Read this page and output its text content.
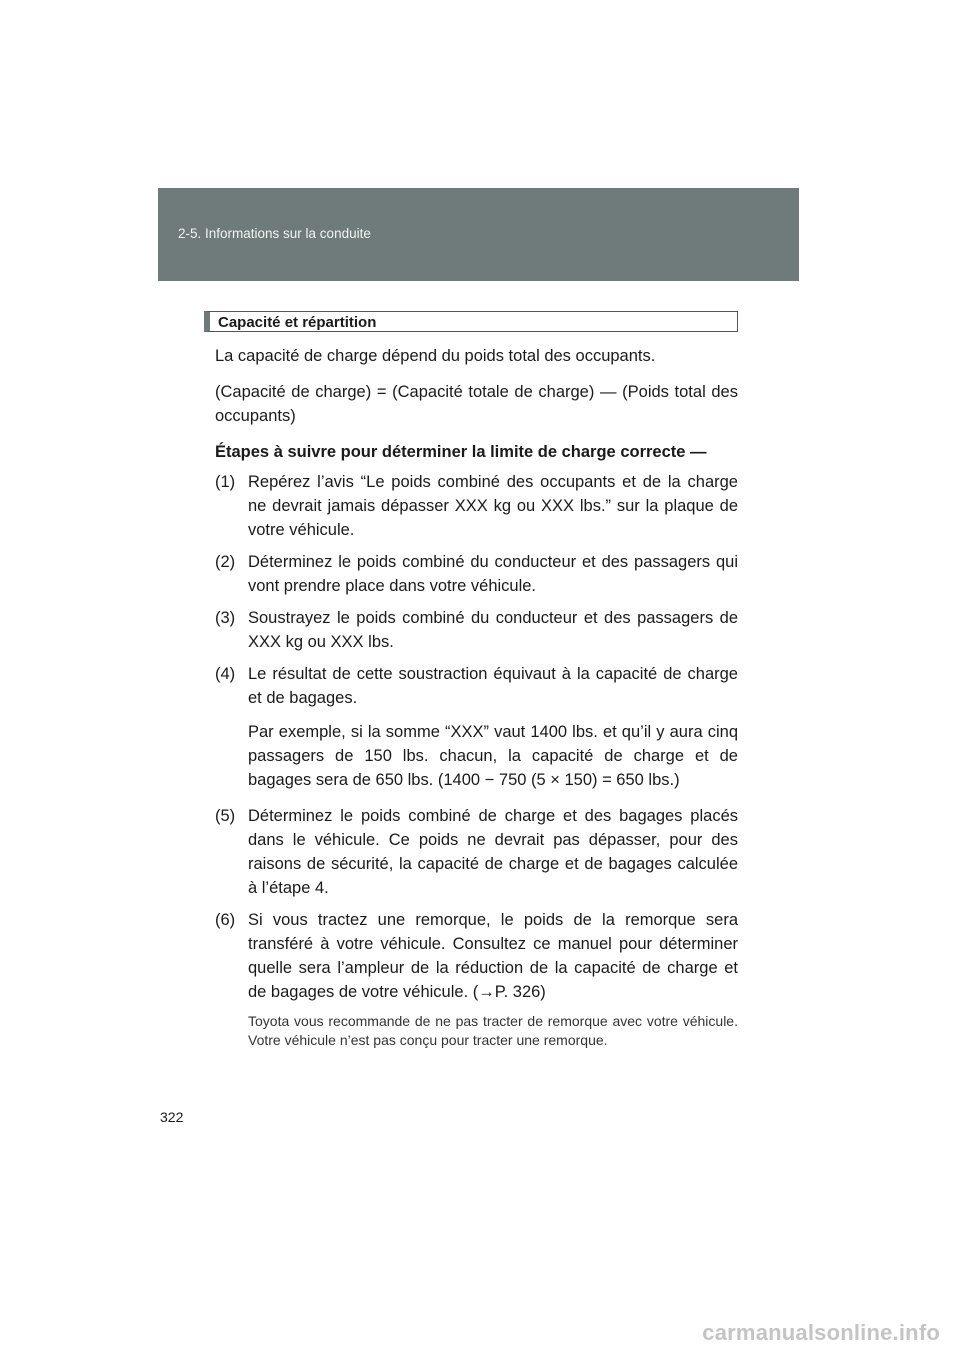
2-5. Informations sur la conduite
Capacité et répartition

La capacité de charge dépend du poids total des occupants.

(Capacité de charge) = (Capacité totale de charge) — (Poids total des occupants)

Étapes à suivre pour déterminer la limite de charge correcte —

(1) Repérez l’avis “Le poids combiné des occupants et de la charge ne devrait jamais dépasser XXX kg ou XXX lbs.” sur la plaque de votre véhicule.

(2) Déterminez le poids combiné du conducteur et des passagers qui vont prendre place dans votre véhicule.

(3) Soustrayez le poids combiné du conducteur et des passagers de XXX kg ou XXX lbs.

(4) Le résultat de cette soustraction équivaut à la capacité de charge et de bagages.

Par exemple, si la somme “XXX” vaut 1400 lbs. et qu’il y aura cinq passagers de 150 lbs. chacun, la capacité de charge et de bagages sera de 650 lbs. (1400 − 750 (5 × 150) = 650 lbs.)

(5) Déterminez le poids combiné de charge et des bagages placés dans le véhicule. Ce poids ne devrait pas dépasser, pour des raisons de sécurité, la capacité de charge et de bagages calculée à l’étape 4.

(6) Si vous tractez une remorque, le poids de la remorque sera transféré à votre véhicule. Consultez ce manuel pour déterminer quelle sera l’ampleur de la réduction de la capacité de charge et de bagages de votre véhicule. (→P. 326)

Toyota vous recommande de ne pas tracter de remorque avec votre véhicule. Votre véhicule n’est pas conçu pour tracter une remorque.

322
carmanualsonline.info
